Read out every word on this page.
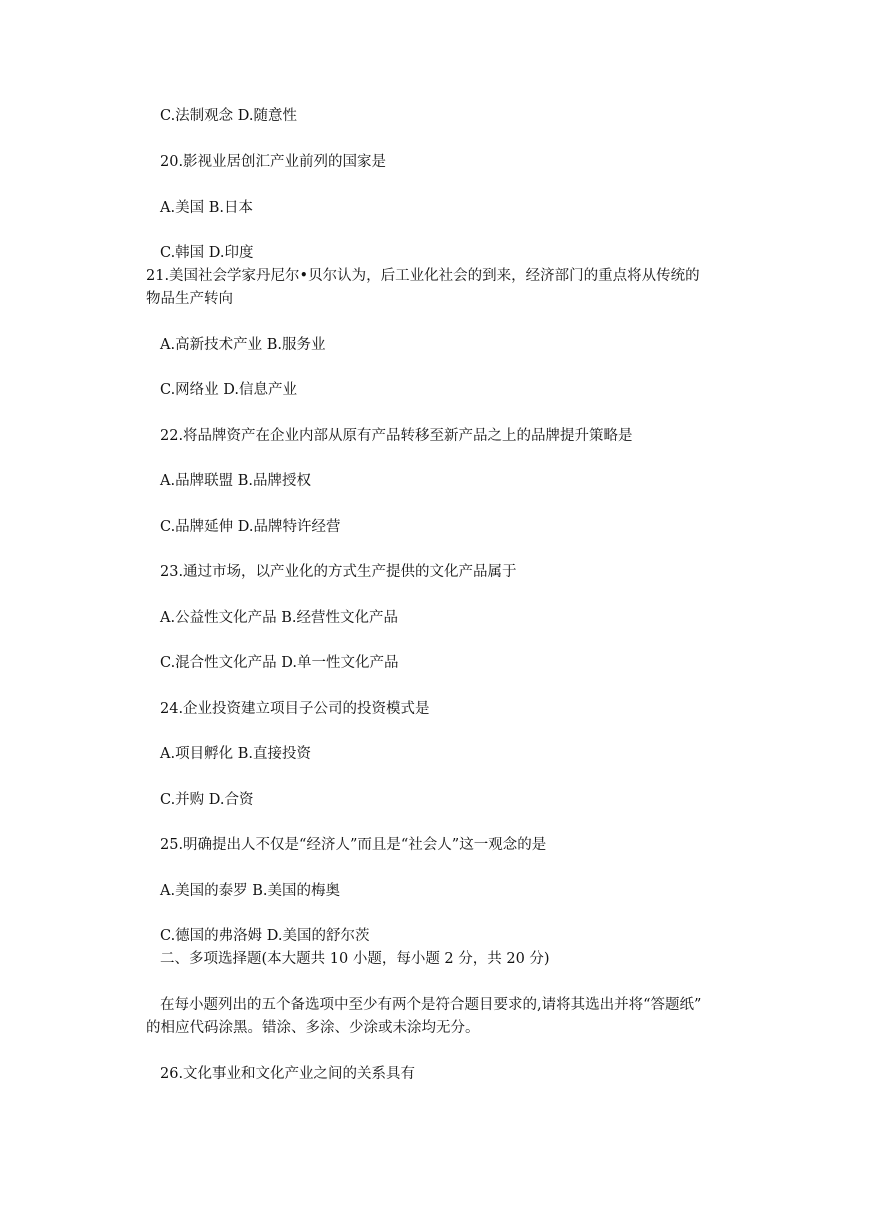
C.法制观念 D.随意性
20.影视业居创汇产业前列的国家是
A.美国 B.日本
C.韩国 D.印度
21.美国社会学家丹尼尔•贝尔认为，后工业化社会的到来，经济部门的重点将从传统的
物品生产转向
A.高新技术产业 B.服务业
C.网络业 D.信息产业
22.将品牌资产在企业内部从原有产品转移至新产品之上的品牌提升策略是
A.品牌联盟 B.品牌授权
C.品牌延伸 D.品牌特许经营
23.通过市场，以产业化的方式生产提供的文化产品属于
A.公益性文化产品 B.经营性文化产品
C.混合性文化产品 D.单一性文化产品
24.企业投资建立项目子公司的投资模式是
A.项目孵化 B.直接投资
C.并购 D.合资
25.明确提出人不仅是“经济人”而且是“社会人”这一观念的是
A.美国的泰罗 B.美国的梅奥
C.德国的弗洛姆 D.美国的舒尔茨
二、多项选择题(本大题共 10 小题，每小题 2 分，共 20 分)
在每小题列出的五个备选项中至少有两个是符合题目要求的,请将其选出并将“答题纸”
的相应代码涂黑。错涂、多涂、少涂或未涂均无分。
26.文化事业和文化产业之间的关系具有
